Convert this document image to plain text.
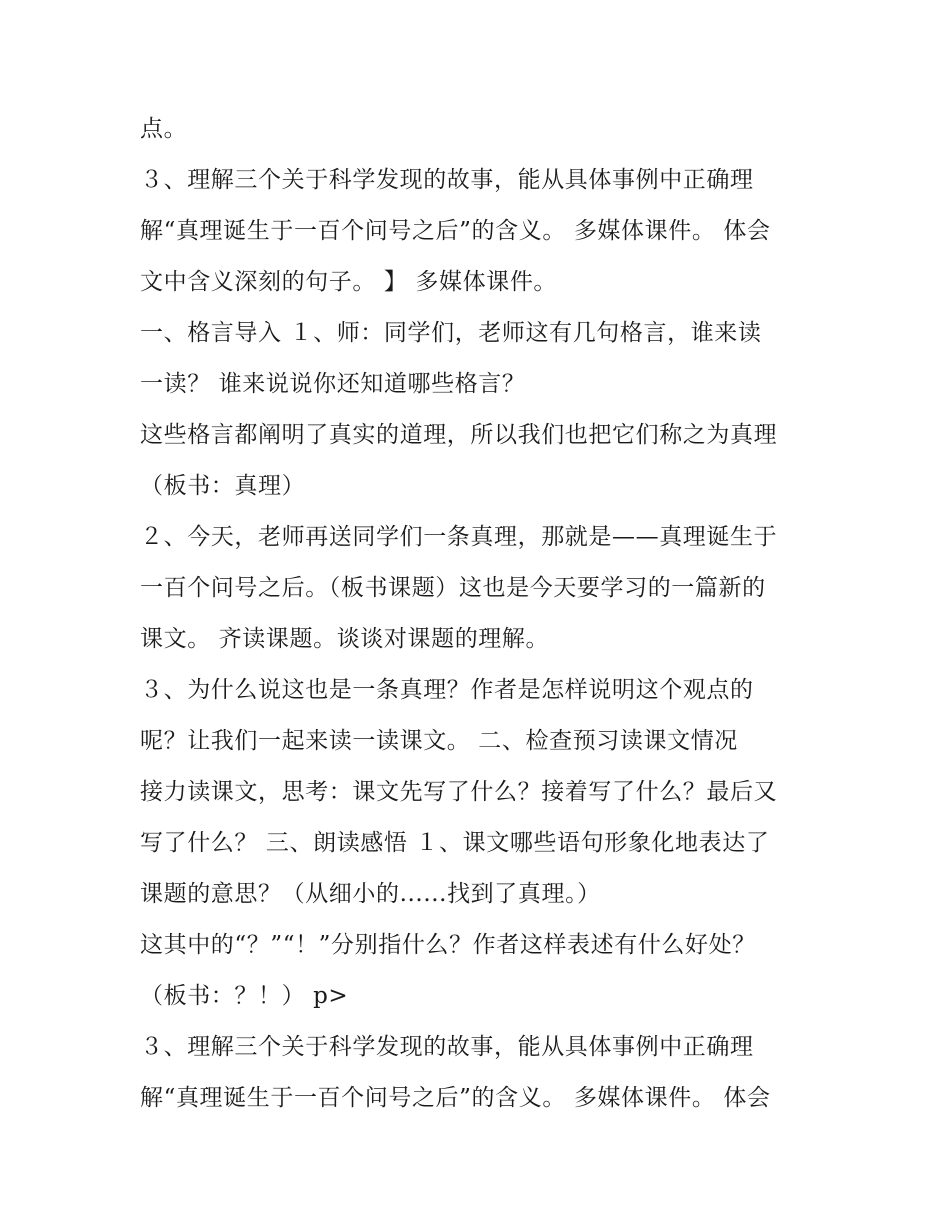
点。
３、理解三个关于科学发现的故事，能从具体事例中正确理
解“真理诞生于一百个问号之后”的含义。 多媒体课件。 体会
文中含义深刻的句子。 】 多媒体课件。
一、格言导入 １、师：同学们，老师这有几句格言，谁来读
一读？ 谁来说说你还知道哪些格言？
这些格言都阐明了真实的道理，所以我们也把它们称之为真理
（板书：真理）
２、今天，老师再送同学们一条真理，那就是——真理诞生于
一百个问号之后。（板书课题）这也是今天要学习的一篇新的
课文。 齐读课题。谈谈对课题的理解。
３、为什么说这也是一条真理？作者是怎样说明这个观点的
呢？让我们一起来读一读课文。 二、检查预习读课文情况
接力读课文，思考：课文先写了什么？接着写了什么？最后又
写了什么？ 三、朗读感悟 １、课文哪些语句形象化地表达了
课题的意思？（从细小的......找到了真理。）
这其中的“？”“！”分别指什么？作者这样表述有什么好处？
（板书：？！） p>
３、理解三个关于科学发现的故事，能从具体事例中正确理
解“真理诞生于一百个问号之后”的含义。 多媒体课件。 体会
